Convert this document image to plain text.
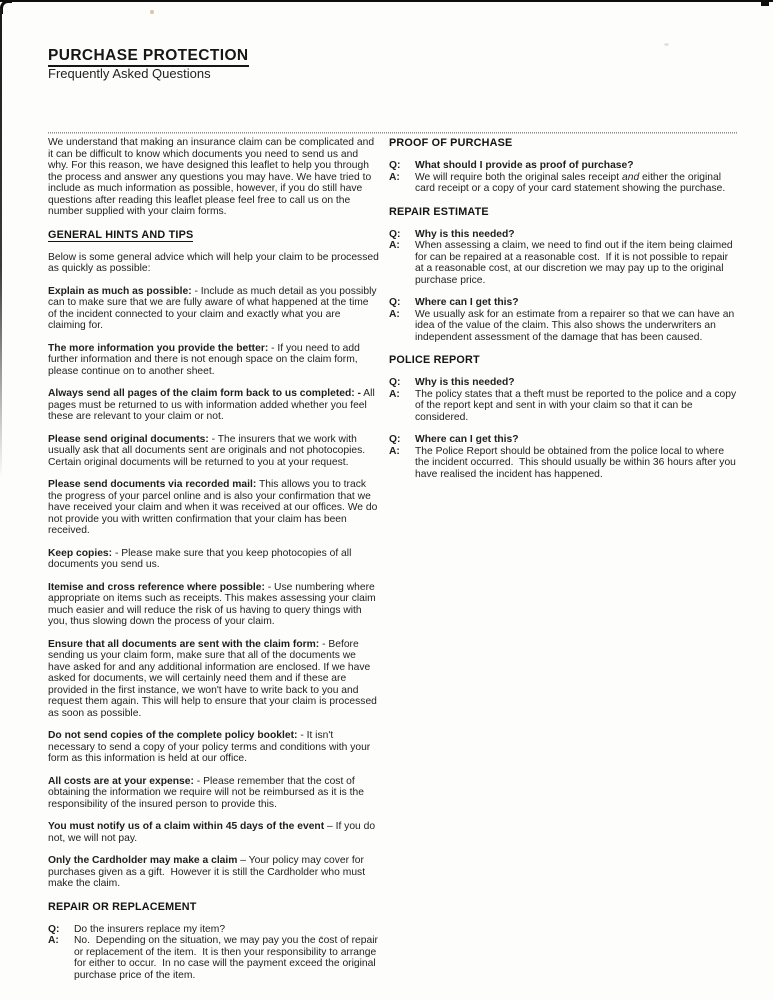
PURCHASE PROTECTION
Frequently Asked Questions

We understand that making an insurance claim can be complicated and it can be difficult to know which documents you need to send us and why. For this reason, we have designed this leaflet to help you through the process and answer any questions you may have. We have tried to include as much information as possible, however, if you do still have questions after reading this leaflet please feel free to call us on the number supplied with your claim forms.

GENERAL HINTS AND TIPS

Below is some general advice which will help your claim to be processed as quickly as possible:

Explain as much as possible: - Include as much detail as you possibly can to make sure that we are fully aware of what happened at the time of the incident connected to your claim and exactly what you are claiming for.

The more information you provide the better: - If you need to add further information and there is not enough space on the claim form, please continue on to another sheet.

Always send all pages of the claim form back to us completed: - All pages must be returned to us with information added whether you feel these are relevant to your claim or not.

Please send original documents: - The insurers that we work with usually ask that all documents sent are originals and not photocopies. Certain original documents will be returned to you at your request.

Please send documents via recorded mail: This allows you to track the progress of your parcel online and is also your confirmation that we have received your claim and when it was received at our offices. We do not provide you with written confirmation that your claim has been received.

Keep copies: - Please make sure that you keep photocopies of all documents you send us.

Itemise and cross reference where possible: - Use numbering where appropriate on items such as receipts. This makes assessing your claim much easier and will reduce the risk of us having to query things with you, thus slowing down the process of your claim.

Ensure that all documents are sent with the claim form: - Before sending us your claim form, make sure that all of the documents we have asked for and any additional information are enclosed. If we have asked for documents, we will certainly need them and if these are provided in the first instance, we won't have to write back to you and request them again. This will help to ensure that your claim is processed as soon as possible.

Do not send copies of the complete policy booklet: - It isn't necessary to send a copy of your policy terms and conditions with your form as this information is held at our office.

All costs are at your expense: - Please remember that the cost of obtaining the information we require will not be reimbursed as it is the responsibility of the insured person to provide this.

You must notify us of a claim within 45 days of the event – If you do not, we will not pay.

Only the Cardholder may make a claim – Your policy may cover for purchases given as a gift.  However it is still the Cardholder who must make the claim.

REPAIR OR REPLACEMENT
Q:	Do the insurers replace my item?
A:	No.  Depending on the situation, we may pay you the cost of repair or replacement of the item.  It is then your responsibility to arrange for either to occur.  In no case will the payment exceed the original purchase price of the item.
PROOF OF PURCHASE
Q:	What should I provide as proof of purchase?
A:	We will require both the original sales receipt and either the original card receipt or a copy of your card statement showing the purchase.
REPAIR ESTIMATE
Q:	Why is this needed?
A:	When assessing a claim, we need to find out if the item being claimed for can be repaired at a reasonable cost.  If it is not possible to repair at a reasonable cost, at our discretion we may pay up to the original purchase price.
Q:	Where can I get this?
A:	We usually ask for an estimate from a repairer so that we can have an idea of the value of the claim. This also shows the underwriters an independent assessment of the damage that has been caused.
POLICE REPORT
Q:	Why is this needed?
A:	The policy states that a theft must be reported to the police and a copy of the report kept and sent in with your claim so that it can be considered.
Q:	Where can I get this?
A:	The Police Report should be obtained from the police local to where the incident occurred.  This should usually be within 36 hours after you have realised the incident has happened.
